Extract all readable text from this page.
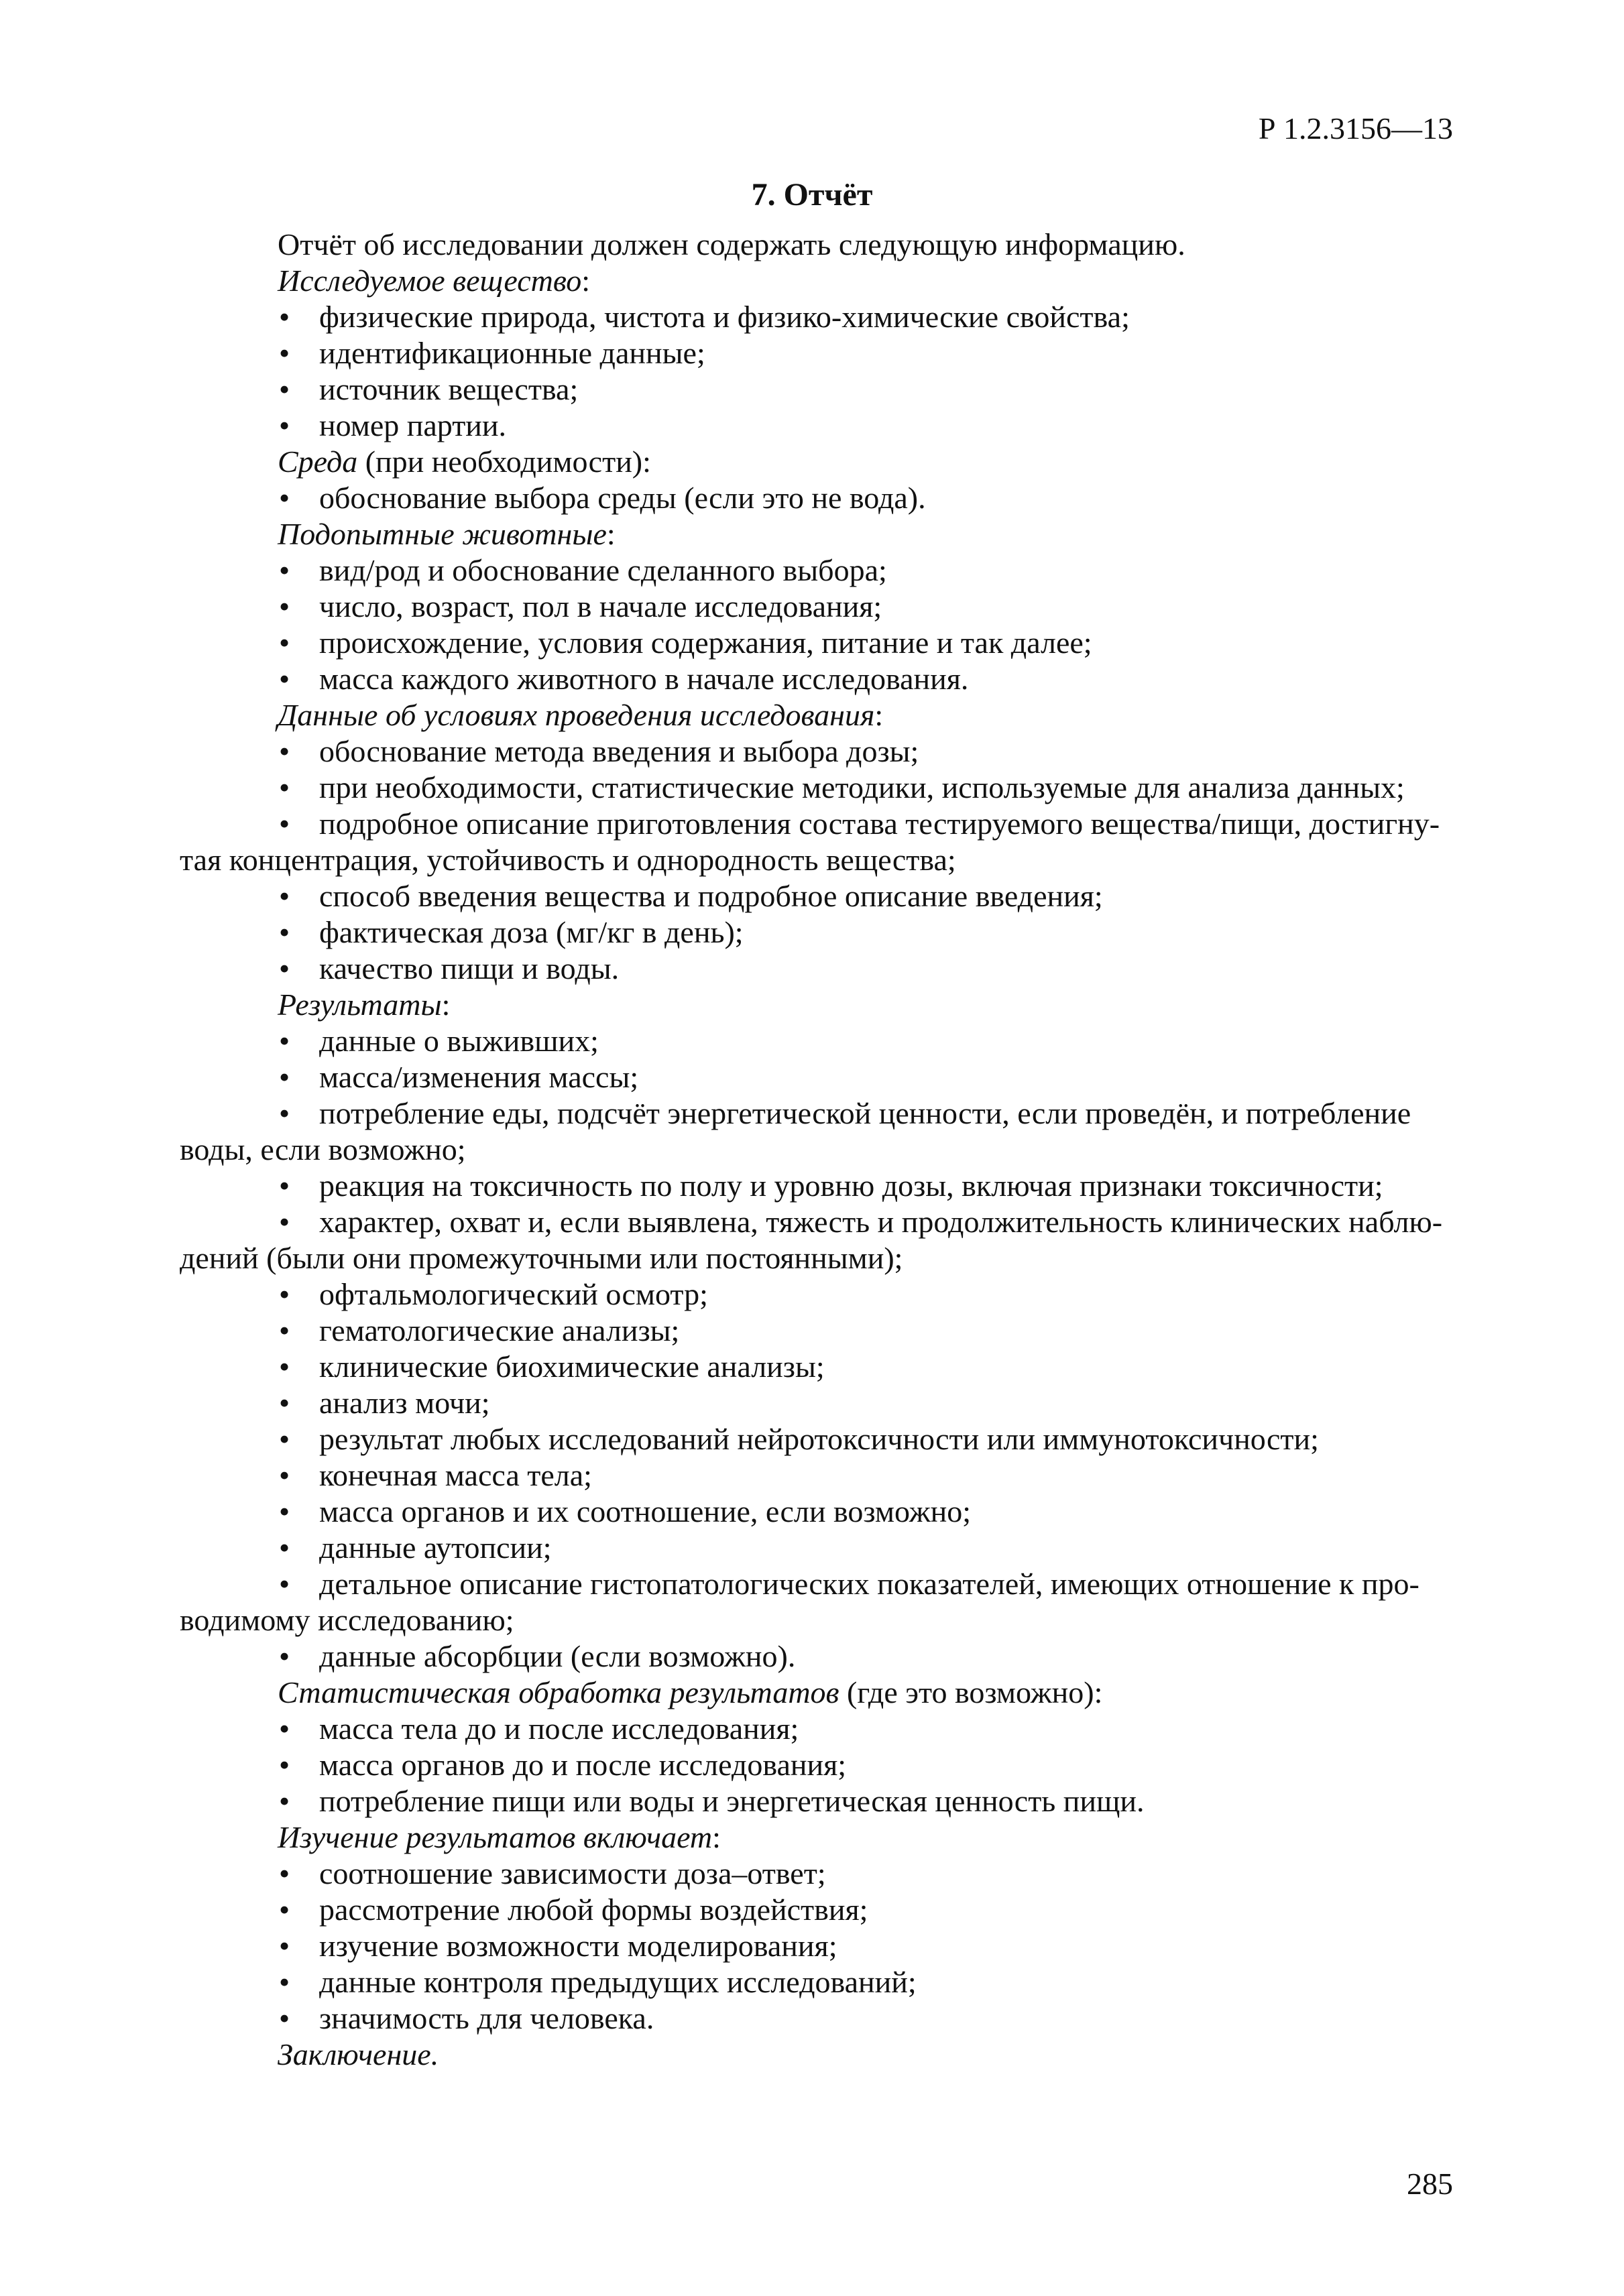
Р 1.2.3156—13
7. Отчёт
Отчёт об исследовании должен содержать следующую информацию.
Исследуемое вещество:
• физические природа, чистота и физико-химические свойства;
• идентификационные данные;
• источник вещества;
• номер партии.
Среда (при необходимости):
• обоснование выбора среды (если это не вода).
Подопытные животные:
• вид/род и обоснование сделанного выбора;
• число, возраст, пол в начале исследования;
• происхождение, условия содержания, питание и так далее;
• масса каждого животного в начале исследования.
Данные об условиях проведения исследования:
• обоснование метода введения и выбора дозы;
• при необходимости, статистические методики, используемые для анализа данных;
• подробное описание приготовления состава тестируемого вещества/пищи, достигну-
тая концентрация, устойчивость и однородность вещества;
• способ введения вещества и подробное описание введения;
• фактическая доза (мг/кг в день);
• качество пищи и воды.
Результаты:
• данные о выживших;
• масса/изменения массы;
• потребление еды, подсчёт энергетической ценности, если проведён, и потребление
воды, если возможно;
• реакция на токсичность по полу и уровню дозы, включая признаки токсичности;
• характер, охват и, если выявлена, тяжесть и продолжительность клинических наблю-
дений (были они промежуточными или постоянными);
• офтальмологический осмотр;
• гематологические анализы;
• клинические биохимические анализы;
• анализ мочи;
• результат любых исследований нейротоксичности или иммунотоксичности;
• конечная масса тела;
• масса органов и их соотношение, если возможно;
• данные аутопсии;
• детальное описание гистопатологических показателей, имеющих отношение к про-
водимому исследованию;
• данные абсорбции (если возможно).
Статистическая обработка результатов (где это возможно):
• масса тела до и после исследования;
• масса органов до и после исследования;
• потребление пищи или воды и энергетическая ценность пищи.
Изучение результатов включает:
• соотношение зависимости доза–ответ;
• рассмотрение любой формы воздействия;
• изучение возможности моделирования;
• данные контроля предыдущих исследований;
• значимость для человека.
Заключение.
285
